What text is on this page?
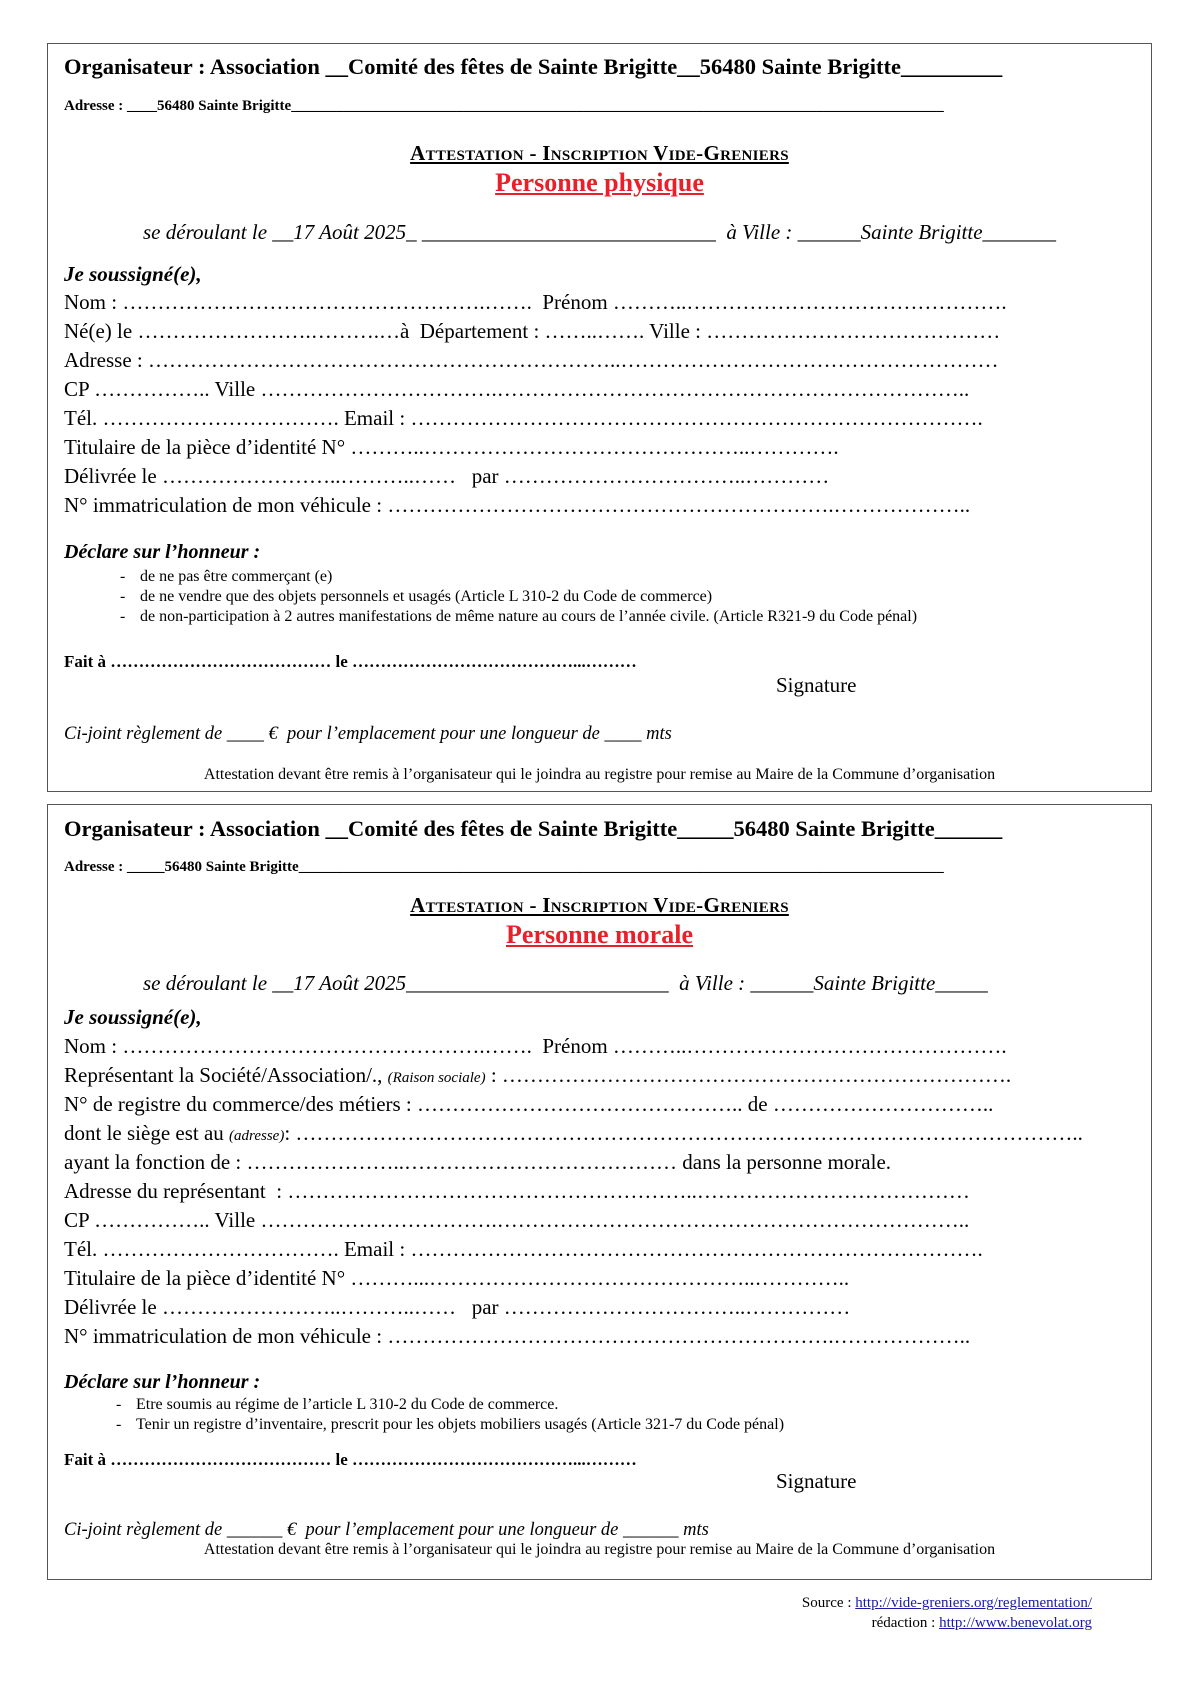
Organisateur : Association __Comité des fêtes de Sainte Brigitte__56480 Sainte Brigitte_________
Adresse : ____56480 Sainte Brigitte_______________________________________________________________________________________
Attestation - Inscription Vide-Greniers
Personne physique
se déroulant le __17 Août 2025_ ____________________________  à Ville : ______Sainte Brigitte_______
Je soussigné(e),
Nom : …………………………………………….…….  Prénom ………..……………………………………….
Né(e) le …………………….……….…à  Département : ……..……. Ville : ……………………………………
Adresse : …………………………………………………………..………………………………………………
CP …………….. Ville …………………………….…………………………………………………………..
Tél. ……………………………. Email : ……………………………………………………………………….
Titulaire de la pièce d’identité N° ………..………………………………………..………….
Délivrée le ……………………..………..……   par ……………………………..…………
N° immatriculation de mon véhicule : ……………………………………………………….………………..
Déclare sur l’honneur :
- de ne pas être commerçant (e)
- de ne vendre que des objets personnels et usagés (Article L 310-2 du Code de commerce)
- de non-participation à 2 autres manifestations de même nature au cours de l’année civile. (Article R321-9 du Code pénal)
Fait à ………………………………… le …………………………………...………
Signature
Ci-joint règlement de ____ €  pour l’emplacement pour une longueur de ____ mts
Attestation devant être remis à l’organisateur qui le joindra au registre pour remise au Maire de la Commune d’organisation
Organisateur : Association __Comité des fêtes de Sainte Brigitte_____56480 Sainte Brigitte______
Adresse : _____56480 Sainte Brigitte______________________________________________________________________________________
Attestation - Inscription Vide-Greniers
Personne morale
se déroulant le __17 Août 2025_________________________  à Ville : ______Sainte Brigitte_____
Je soussigné(e),
Nom : …………………………………………….…….  Prénom ………..……………………………………….
Représentant la Société/Association/., (Raison sociale) : ……………………………………………………………….
N° de registre du commerce/des métiers : ……………………………………….. de …………………………..
dont le siège est au (adresse): …………………………………………………………………………………………………..
ayant la fonction de : …………………..………………………………… dans la personne morale.
Adresse du représentant  : …………………………………………………..…………………………………
CP …………….. Ville …………………………….…………………………………………………………..
Tél. ……………………………. Email : ……………………………………………………………………….
Titulaire de la pièce d’identité N° ………...………………………………………..…………..
Délivrée le ……………………..………..……   par ……………………………..……………
N° immatriculation de mon véhicule : ……………………………………………………….………………..
Déclare sur l’honneur :
- Etre soumis au régime de l’article L 310-2 du Code de commerce.
- Tenir un registre d’inventaire, prescrit pour les objets mobiliers usagés (Article 321-7 du Code pénal)
Fait à ………………………………… le …………………………………...………
Signature
Ci-joint règlement de ______ €  pour l’emplacement pour une longueur de ______ mts
Attestation devant être remis à l’organisateur qui le joindra au registre pour remise au Maire de la Commune d’organisation
Source : http://vide-greniers.org/reglementation/
rédaction : http://www.benevolat.org
